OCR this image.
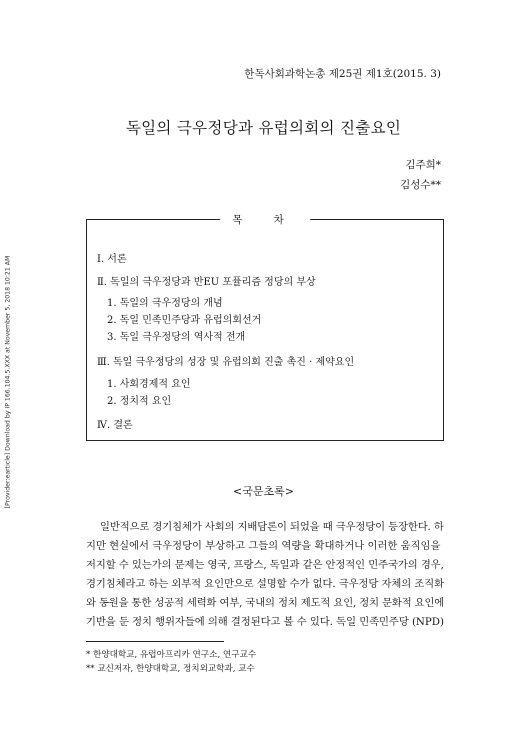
[Provider:earticle] Download by IP 166.104.5.XXX at November 5, 2018 10:21 AM
한독사회과학논총 제25권 제1호(2015. 3)
독일의 극우정당과 유럽의회의 진출요인
김주희*
김성수**
목 차
Ⅰ. 서론
Ⅱ. 독일의 극우정당과 반EU 포퓰리즘 정당의 부상
1. 독일의 극우정당의 개념
2. 독일 민족민주당과 유럽의회선거
3. 독일 극우정당의 역사적 전개
Ⅲ. 독일 극우정당의 성장 및 유럽의회 진출 촉진 · 제약요인
1. 사회경제적 요인
2. 정치적 요인
Ⅳ. 결론
<국문초록>
일반적으로 경기침체가 사회의 지배담론이 되었을 때 극우정당이 등장한다. 하
지만 현실에서 극우정당이 부상하고 그들의 역량을 확대하거나 이러한 움직임을
저지할 수 있는가의 문제는 영국, 프랑스, 독일과 같은 안정적인 민주국가의 경우,
경기침체라고 하는 외부적 요인만으로 설명할 수가 없다. 극우정당 자체의 조직화
와 동원을 통한 성공적 세력화 여부, 국내의 정치 제도적 요인, 정치 문화적 요인에
기반을 둔 정치 행위자들에 의해 결정된다고 볼 수 있다. 독일 민족민주당 (NPD)
* 한양대학교, 유럽아프리카 연구소, 연구교수
** 교신저자, 한양대학교, 정치외교학과, 교수
